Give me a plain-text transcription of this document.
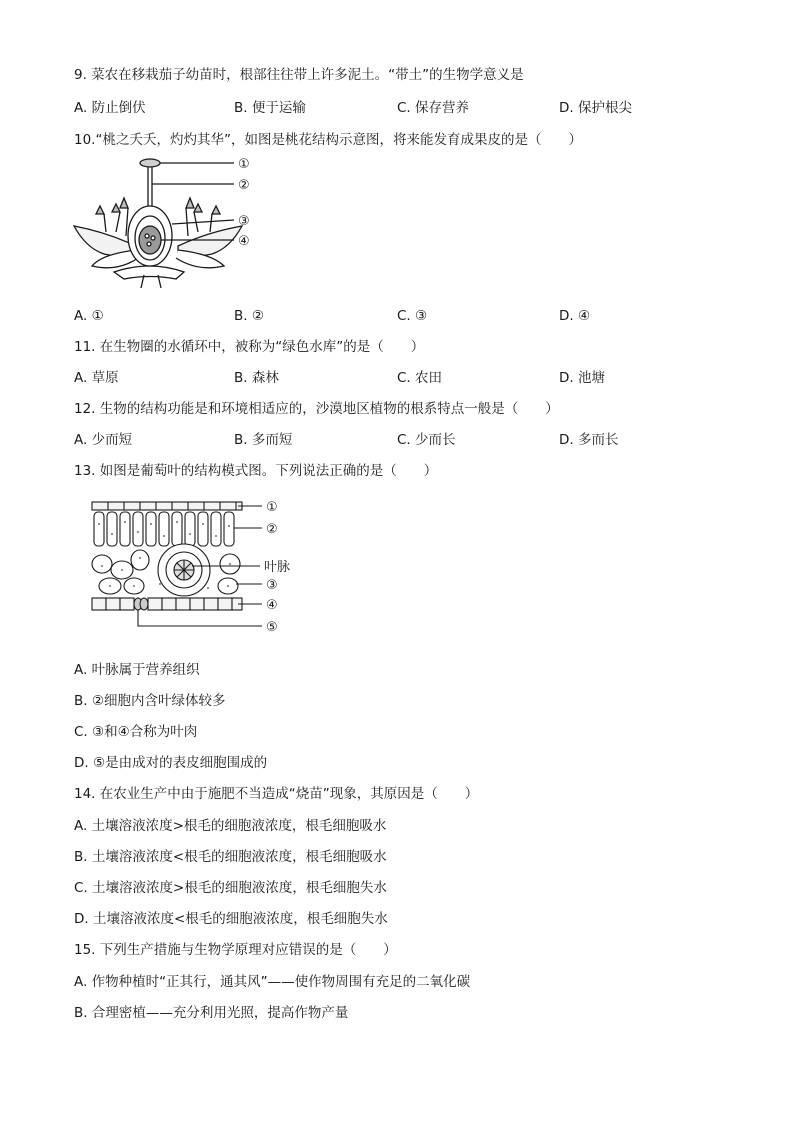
9. 菜农在移栽茄子幼苗时，根部往往带上许多泥土。“带土”的生物学意义是
A. 防止倒伏	B. 便于运输	C. 保存营养	D. 保护根尖
10.“桃之夭夭，灼灼其华”，如图是桃花结构示意图，将来能发育成果皮的是（　　）
①
②
③
④
A. ①	B. ②	C. ③	D. ④
11. 在生物圈的水循环中，被称为“绿色水库”的是（　　）
A. 草原	B. 森林	C. 农田	D. 池塘
12. 生物的结构功能是和环境相适应的，沙漠地区植物的根系特点一般是（　　）
A. 少而短	B. 多而短	C. 少而长	D. 多而长
13. 如图是葡萄叶的结构模式图。下列说法正确的是（　　）
①
②
叶脉
③
④
⑤
A. 叶脉属于营养组织
B. ②细胞内含叶绿体较多
C. ③和④合称为叶肉
D. ⑤是由成对的表皮细胞围成的
14. 在农业生产中由于施肥不当造成“烧苗”现象，其原因是（　　）
A. 土壤溶液浓度>根毛的细胞液浓度，根毛细胞吸水
B. 土壤溶液浓度<根毛的细胞液浓度，根毛细胞吸水
C. 土壤溶液浓度>根毛的细胞液浓度，根毛细胞失水
D. 土壤溶液浓度<根毛的细胞液浓度，根毛细胞失水
15. 下列生产措施与生物学原理对应错误的是（　　）
A. 作物种植时“正其行，通其风”——使作物周围有充足的二氧化碳
B. 合理密植——充分利用光照，提高作物产量
